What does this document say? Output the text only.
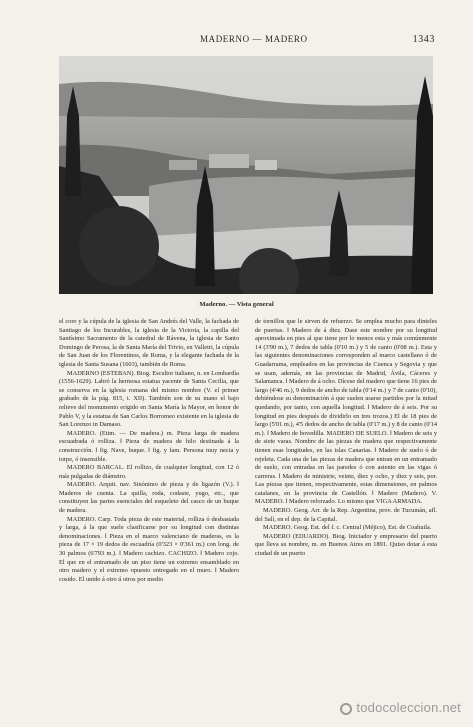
MADERNO — MADERO	1343
Maderno. — Vista general

el coro y la cúpula de la iglesia de San Andrés del Valle, la fachada de Santiago de los Incurables, la iglesia de la Victoria, la capilla del Santísimo Sacramento de la catedral de Rávena, la iglesia de Santo Domingo de Perosa, la de Santa María del Trivio, en Valletri, la cúpula de San Juan de los Florentinos, de Roma, y la elegante fachada de la iglesia de Santa Susana (1603), también de Roma.

MADERNO (ESTEBAN). Biog. Escultor italiano, n. en Lombardía (1556-1629). Labró la hermosa estatua yacente de Santa Cecilia, que se conserva en la iglesia romana del mismo nombre (V. el primer grabado de la pág. 815, t. XII). También son de su mano el bajo relieve del monumento erigido en Santa María la Mayor, en honor de Pablo V, y la estatua de San Carlos Borromeo existente en la iglesia de San Lorenzo in Damaso.

MADERO. (Etim. — De madera.) m. Pieza larga de madera escuadrada ó rolliza. ‖ Pieza de madera de hilo destinada á la construcción. ‖ fig. Nave, buque. ‖ fig. y fam. Persona muy necia y torpe, ó insensible.

MADERO BARCAL. El rollizo, de cualquier longitud, con 12 ó más pulgadas de diámetro.

MADERO. Arquit. nav. Sinónimo de pieza y de ligazón (V.). ‖ Maderos de cuenta. La quilla, roda, codaste, yugo, etc., que constituyen las partes esenciales del esqueleto del casco de un buque de madera.

MADERO. Carp. Toda pieza de este material, rolliza ó desbastada y larga, á la que suele clasificarse por su longitud con distintas denominaciones. ‖ Pieza en el marco valenciano de maderas, es la pieza de 17 × 19 dedos de escuadría (0'323 × 0'361 m.) con long. de 30 palmos (6'793 m.). ‖ Madero cachizo. CACHIZO. ‖ Madero cojo. El que en el entramado de un piso tiene un extremo ensamblado en otro madero y el extremo opuesto entregado en el muro. ‖ Madero cosido. El unido á otro ú otros por medio

de tornillos que le sirven de refuerzo. Se emplea mucho para dinteles de puertas. ‖ Madero de á diez. Dase este nombre por su longitud aproximada en pies al que tiene por lo menos esta y más comúnmente 14 (3'90 m.), 7 dedos de tabla (0'10 m.) y 5 de canto (0'08 m.). Esta y las siguientes denominaciones corresponden al marco castellano ó de Guadarrama, empleados en las provincias de Cuenca y Segovia y que se usan, además, en las provincias de Madrid, Ávila, Cáceres y Salamanca. ‖ Madero de á ocho. Dícese del madero que tiene 16 pies de largo (4'46 m.), 9 dedos de ancho de tabla (0'14 m.) y 7 de canto (0'10), debiéndose su denominación á que suelen usarse partidos por la mitad quedando, por tanto, con aquella longitud. ‖ Madero de á seis. Por su longitud en pies después de dividirlo en tres trozos.) El de 18 pies de largo (5'01 m.), 4'5 dedos de ancho de tabla (0'17 m.) y 8 de canto (0'14 m.). ‖ Madero de bovedilla. MADERO DE SUELO. ‖ Madero de seis y de siete varas. Nombre de las piezas de madera que respectivamente tienen esas longitudes, en las islas Canarias. ‖ Madero de suelo ó de rejeleta. Cada una de las piezas de madera que entran en un entramado de suelo, con entradas en las paredes ó con asiento en las vigas ó carreras. ‖ Madero de ministrie, veinte, diez y ocho, y diez y seis, por. Las piezas que tienen, respectivamente, estas dimensiones, en palmos catalanes, en la provincia de Castellón. ‖ Madero (Madero). V. MADERO. ‖ Madero reforzado. Lo mismo que VIGA ARMADA.

MADERO. Geog. Arr. de la Rep. Argentina, prov. de Tucumán, afl. del Salí, en el dep. de la Capital.

MADERO. Geog. Est. del f. c. Central (Méjico), Est. de Coahuila.

MADERO (EDUARDO). Biog. Iniciador y empresario del puerto que lleva su nombre, m. en Buenos Aires en 1891. Quiso dotar á esta ciudad de un puerto

todocoleccion.net
